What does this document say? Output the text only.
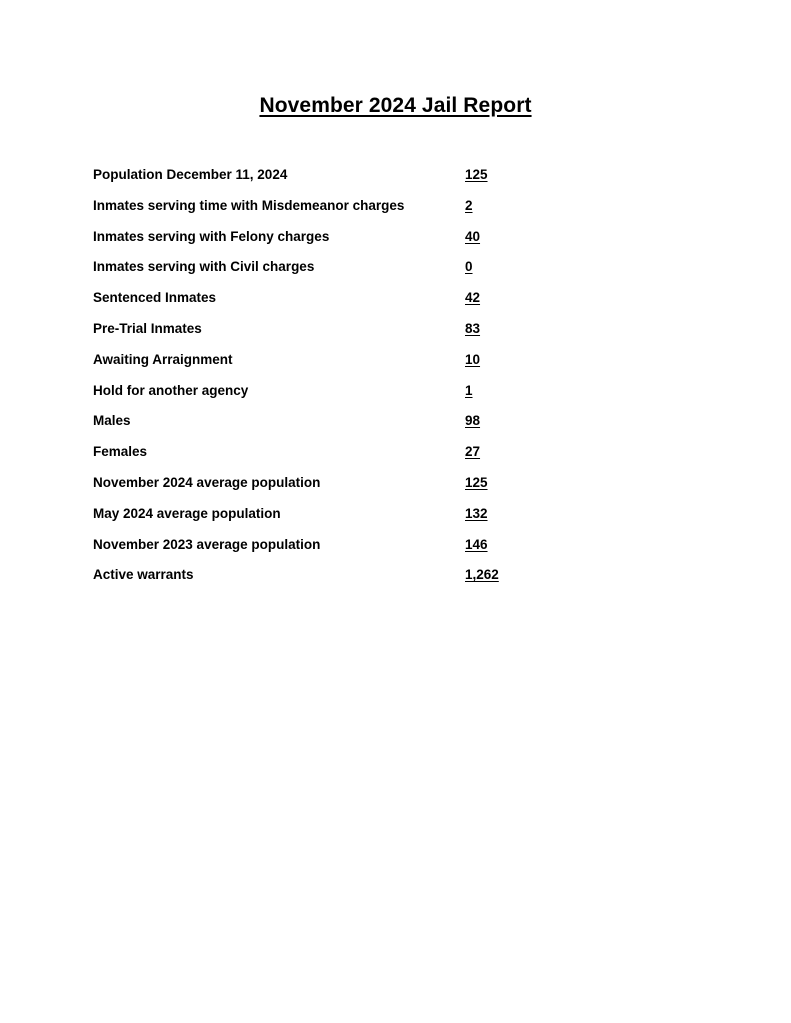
November 2024 Jail Report
Population December 11, 2024	125
Inmates serving time with Misdemeanor charges	2
Inmates serving with Felony charges	40
Inmates serving with Civil charges	0
Sentenced Inmates	42
Pre-Trial Inmates	83
Awaiting Arraignment	10
Hold for another agency	1
Males	98
Females	27
November 2024 average population	125
May 2024 average population	132
November 2023 average population	146
Active warrants	1,262
